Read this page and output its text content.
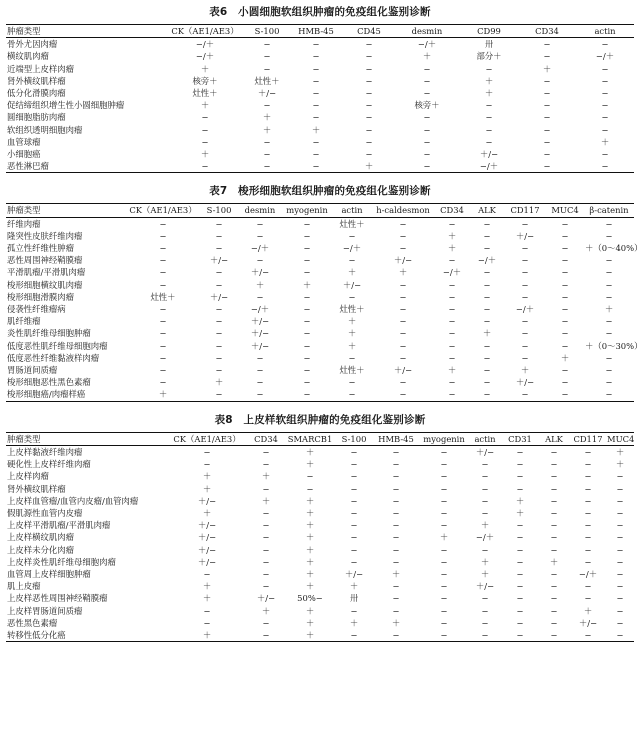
表6　小圆细胞软组织肿瘤的免疫组化鉴别诊断
肿瘤类型	CK（AE1/AE3）	S-100	HMB-45	CD45	desmin	CD99	CD34	actin
骨外尤因肉瘤	−/＋	−	−	−	−/＋	卅	−	−
横纹肌肉瘤	−/＋	−	−	−	＋	部分＋	−	−/＋
近端型上皮样肉瘤	＋	−	−	−	−	−	＋	−
肾外横纹肌样瘤	核旁＋	灶性＋	−	−	−	＋	−	−
低分化滑膜肉瘤	灶性＋	＋/−	−	−	−	＋	−	−
促结缔组织增生性小圆细胞肿瘤	＋	−	−	−	核旁＋	−	−	−
圆细胞脂肪肉瘤	−	＋	−	−	−	−	−	−
软组织透明细胞肉瘤	−	＋	＋	−	−	−	−	−
血管球瘤	−	−	−	−	−	−	−	＋
小细胞癌	＋	−	−	−	−	＋/−	−	−
恶性淋巴瘤	−	−	−	＋	−	−/＋	−	−
表7　梭形细胞软组织肿瘤的免疫组化鉴别诊断
肿瘤类型	CK（AE1/AE3）	S-100	desmin	myogenin	actin	h-caldesmon	CD34	ALK	CD117	MUC4	β-catenin
纤维肉瘤	−	−	−	−	灶性＋	−	−	−	−	−	−
隆突性皮肤纤维肉瘤	−	−	−	−	−	−	＋	−	＋/−	−	−
孤立性纤维性肿瘤	−	−	−/＋	−	−/＋	−	＋	−	−	−	＋（0～40%）
恶性周围神经鞘膜瘤	−	＋/−	−	−	−	＋/−	−	−/＋	−	−	−
平滑肌瘤/平滑肌肉瘤	−	−	＋/−	−	＋	＋	−/＋	−	−	−	−
梭形细胞横纹肌肉瘤	−	−	＋	＋	＋/−	−	−	−	−	−	−
梭形细胞滑膜肉瘤	灶性＋	＋/−	−	−	−	−	−	−	−	−	−
侵袭性纤维瘤病	−	−	−/＋	−	灶性＋	−	−	−	−/＋	−	＋
肌纤维瘤	−	−	＋/−	−	＋	−	−	−	−	−	−
炎性肌纤维母细胞肿瘤	−	−	＋/−	−	＋	−	−	＋	−	−	−
低度恶性肌纤维母细胞肉瘤	−	−	＋/−	−	＋	−	−	−	−	−	＋（0～30%）
低度恶性纤维黏液样肉瘤	−	−	−	−	−	−	−	−	−	＋	−
胃肠道间质瘤	−	−	−	−	灶性＋	＋/−	＋	−	＋	−	−
梭形细胞恶性黑色素瘤	−	＋	−	−	−	−	−	−	＋/−	−	−
梭形细胞癌/肉瘤样癌	＋	−	−	−	−	−	−	−	−	−	−
表8　上皮样软组织肿瘤的免疫组化鉴别诊断
肿瘤类型	CK（AE1/AE3）	CD34	SMARCB1	S-100	HMB-45	myogenin	actin	CD31	ALK	CD117	MUC4
上皮样黏液纤维肉瘤	−	−	＋	−	−	−	＋/−	−	−	−	＋
硬化性上皮样纤维肉瘤	−	−	＋	−	−	−	−	−	−	−	＋
上皮样肉瘤	＋	＋	−	−	−	−	−	−	−	−	−
肾外横纹肌样瘤	＋	−	−	−	−	−	−	−	−	−	−
上皮样血管瘤/血管内皮瘤/血管肉瘤	＋/−	＋	＋	−	−	−	−	＋	−	−	−
假肌源性血管内皮瘤	＋	−	＋	−	−	−	−	＋	−	−	−
上皮样平滑肌瘤/平滑肌肉瘤	＋/−	−	＋	−	−	−	＋	−	−	−	−
上皮样横纹肌肉瘤	＋/−	−	＋	−	−	＋	−/＋	−	−	−	−
上皮样未分化肉瘤	＋/−	−	＋	−	−	−	−	−	−	−	−
上皮样炎性肌纤维母细胞肉瘤	＋/−	−	＋	−	−	−	＋	−	＋	−	−
血管周上皮样细胞肿瘤	−	−	＋	＋/−	＋	−	＋	−	−	−/＋	−
肌上皮瘤	＋	−	＋	＋	−	−	＋/−	−	−	−	−
上皮样恶性周围神经鞘膜瘤	＋	＋/−	50%−	卅	−	−	−	−	−	−	−
上皮样胃肠道间质瘤	−	＋	＋	−	−	−	−	−	−	＋	−
恶性黑色素瘤	−	−	＋	＋	＋	−	−	−	−	＋/−	−
转移性低分化癌	＋	−	＋	−	−	−	−	−	−	−	−
